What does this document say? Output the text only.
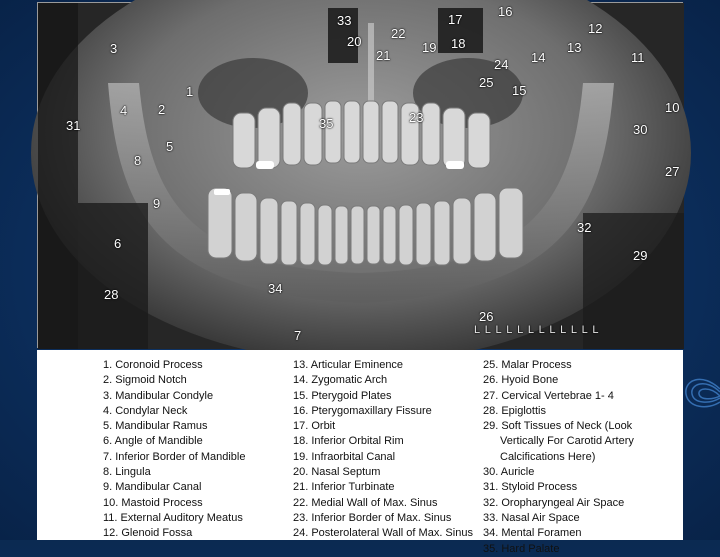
1
2
3
4
5
6
7
8
9
10
11
12
13
14
15
16
17
18
19
20
21
22
23
24
25
26
27
28
29
30
31
32
33
34
35
L L L L L L L L L L L L
1. Coronoid Process
2. Sigmoid Notch
3. Mandibular Condyle
4. Condylar Neck
5. Mandibular Ramus
6. Angle of Mandible
7. Inferior Border of Mandible
8. Lingula
9. Mandibular Canal
10. Mastoid Process
11. External Auditory Meatus
12. Glenoid Fossa
13. Articular Eminence
14. Zygomatic Arch
15. Pterygoid Plates
16. Pterygomaxillary Fissure
17. Orbit
18. Inferior Orbital Rim
19. Infraorbital Canal
20. Nasal Septum
21. Inferior Turbinate
22. Medial Wall of Max. Sinus
23. Inferior Border of Max. Sinus
24. Posterolateral Wall of Max. Sinus
25. Malar Process
26. Hyoid Bone
27. Cervical Vertebrae 1- 4
28. Epiglottis
29. Soft Tissues of Neck (Look
Vertically For Carotid Artery
Calcifications Here)
30. Auricle
31. Styloid Process
32. Oropharyngeal Air Space
33. Nasal Air Space
34. Mental Foramen
35. Hard Palate
